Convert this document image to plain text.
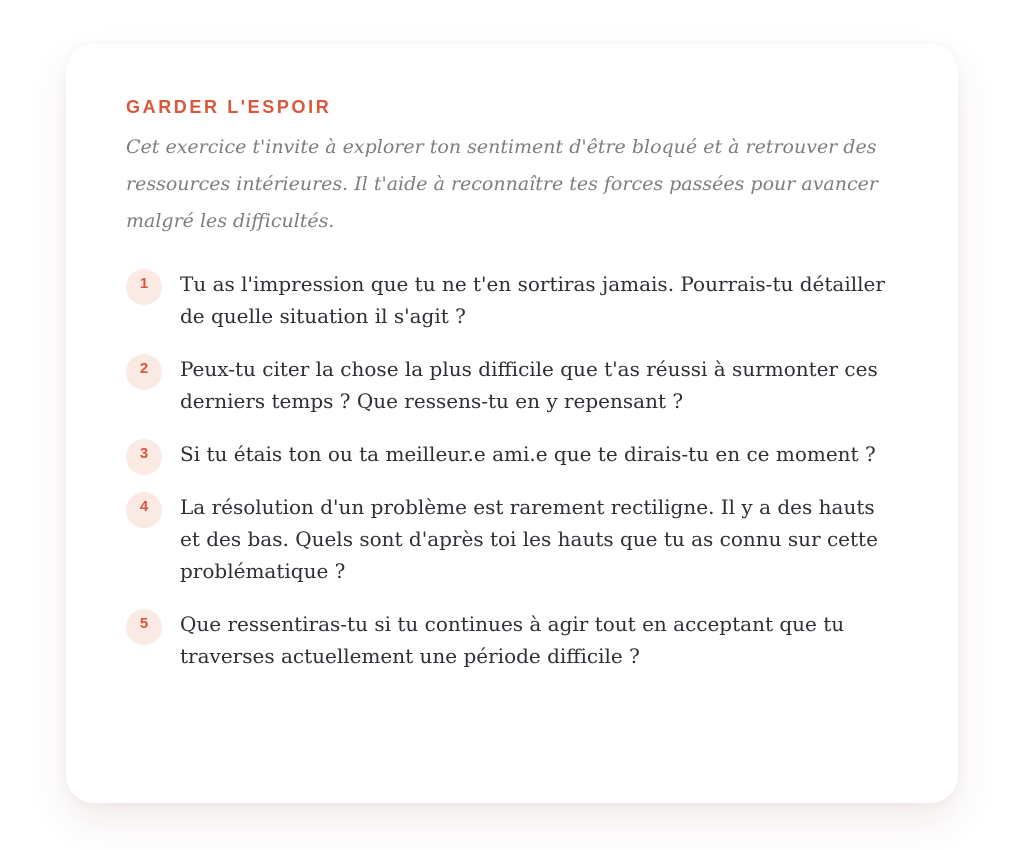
GARDER L'ESPOIR

Cet exercice t'invite à explorer ton sentiment d'être bloqué et à retrouver des ressources intérieures. Il t'aide à reconnaître tes forces passées pour avancer malgré les difficultés.

1	Tu as l'impression que tu ne t'en sortiras jamais. Pourrais-tu détailler de quelle situation il s'agit ?
2	Peux-tu citer la chose la plus difficile que t'as réussi à surmonter ces derniers temps ? Que ressens-tu en y repensant ?
3	Si tu étais ton ou ta meilleur.e ami.e que te dirais-tu en ce moment ?
4	La résolution d'un problème est rarement rectiligne. Il y a des hauts et des bas. Quels sont d'après toi les hauts que tu as connu sur cette problématique ?
5	Que ressentiras-tu si tu continues à agir tout en acceptant que tu traverses actuellement une période difficile ?
